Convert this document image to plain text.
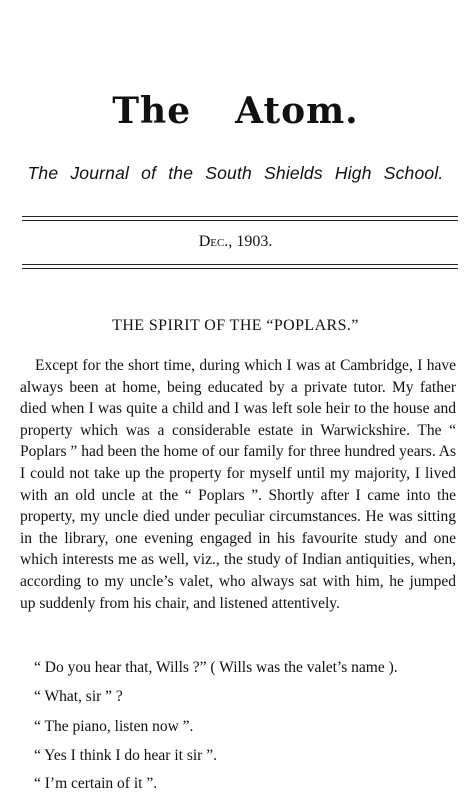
The Atom.
The Journal of the South Shields High School.
Dec., 1903.
THE SPIRIT OF THE “POPLARS.”

Except for the short time, during which I was at Cambridge, I have always been at home, being educated by a private tutor. My father died when I was quite a child and I was left sole heir to the house and property which was a considerable estate in Warwickshire. The “ Poplars ” had been the home of our family for three hundred years. As I could not take up the property for myself until my majority, I lived with an old uncle at the “ Poplars ”. Shortly after I came into the property, my uncle died under peculiar circumstances. He was sitting in the library, one evening engaged in his favourite study and one which interests me as well, viz., the study of Indian antiquities, when, according to my uncle’s valet, who always sat with him, he jumped up suddenly from his chair, and listened attentively.

“ Do you hear that, Wills ?” ( Wills was the valet’s name ).
“ What, sir ” ?
“ The piano, listen now ”.
“ Yes I think I do hear it sir ”.
“ I’m certain of it ”.
